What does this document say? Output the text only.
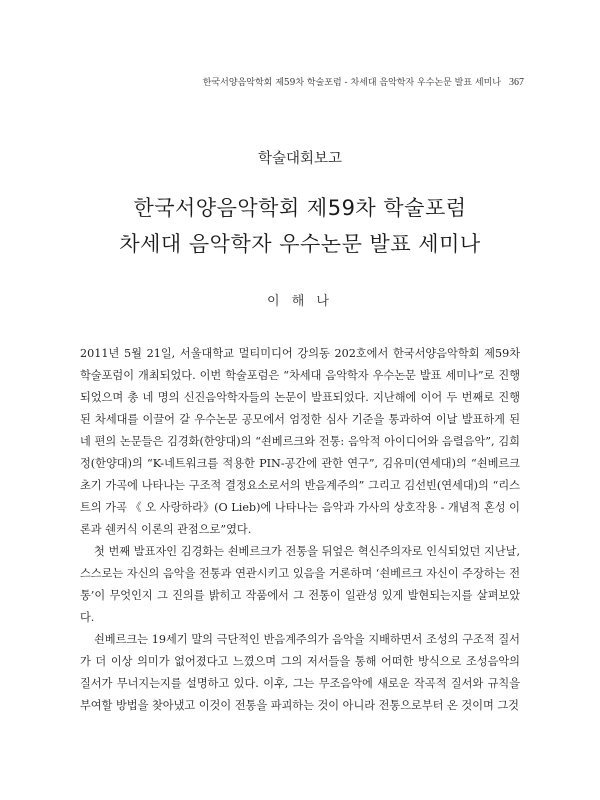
한국서양음악학회 제59차 학술포럼 - 차세대 음악학자 우수논문 발표 세미나 367
학술대회보고
한국서양음악학회 제59차 학술포럼
차세대 음악학자 우수논문 발표 세미나
이 해 나

2011년 5월 21일, 서울대학교 멀티미디어 강의동 202호에서 한국서양음악학회 제59차 학술포럼이 개최되었다. 이번 학술포럼은 “차세대 음악학자 우수논문 발표 세미나”로 진행되었으며 총 네 명의 신진음악학자들의 논문이 발표되었다. 지난해에 이어 두 번째로 진행된 차세대를 이끌어 갈 우수논문 공모에서 엄정한 심사 기준을 통과하여 이날 발표하게 된 네 편의 논문들은 김경화(한양대)의 “쇤베르크와 전통: 음악적 아이디어와 음렬음악”, 김희정(한양대)의 “K-네트워크를 적용한 PIN-공간에 관한 연구”, 김유미(연세대)의 “쇤베르크 초기 가곡에 나타나는 구조적 결정요소로서의 반음계주의” 그리고 김선빈(연세대)의 “리스트의 가곡 《 오 사랑하라》(O Lieb)에 나타나는 음악과 가사의 상호작용 - 개념적 혼성 이론과 쉔커식 이론의 관점으로”였다.

첫 번째 발표자인 김경화는 쇤베르크가 전통을 뒤엎은 혁신주의자로 인식되었던 지난날, 스스로는 자신의 음악을 전통과 연관시키고 있음을 거론하며 ‘쇤베르크 자신이 주장하는 전통’이 무엇인지 그 진의를 밝히고 작품에서 그 전통이 일관성 있게 발현되는지를 살펴보았다.

쇤베르크는 19세기 말의 극단적인 반음계주의가 음악을 지배하면서 조성의 구조적 질서가 더 이상 의미가 없어졌다고 느꼈으며 그의 저서들을 통해 어떠한 방식으로 조성음악의 질서가 무너지는지를 설명하고 있다. 이후, 그는 무조음악에 새로운 작곡적 질서와 규칙을 부여할 방법을 찾아냈고 이것이 전통을 파괴하는 것이 아니라 전통으로부터 온 것이며 그것
